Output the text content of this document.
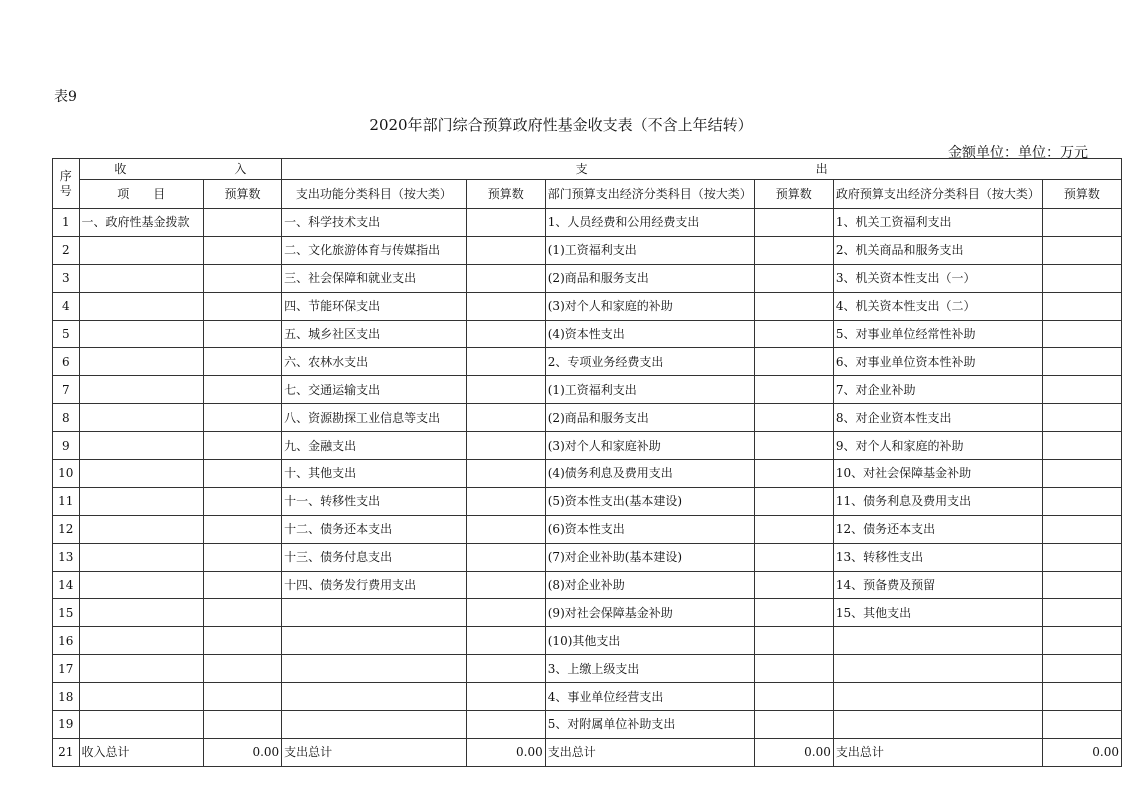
表9
2020年部门综合预算政府性基金收支表（不含上年结转）
金额单位：单位：万元
序号	收　　　　　　　　　入		支　　　　　　　　　　　　　　　　　　　出					
	项　　目	预算数	支出功能分类科目（按大类）	预算数	部门预算支出经济分类科目（按大类）	预算数	政府预算支出经济分类科目（按大类）	预算数
1	一、政府性基金拨款		一、科学技术支出		1、人员经费和公用经费支出		1、机关工资福利支出	
2			二、文化旅游体育与传媒指出		(1)工资福利支出		2、机关商品和服务支出	
3			三、社会保障和就业支出		(2)商品和服务支出		3、机关资本性支出（一）	
4			四、节能环保支出		(3)对个人和家庭的补助		4、机关资本性支出（二）	
5			五、城乡社区支出		(4)资本性支出		5、对事业单位经常性补助	
6			六、农林水支出		2、专项业务经费支出		6、对事业单位资本性补助	
7			七、交通运输支出		(1)工资福利支出		7、对企业补助	
8			八、资源勘探工业信息等支出		(2)商品和服务支出		8、对企业资本性支出	
9			九、金融支出		(3)对个人和家庭补助		9、对个人和家庭的补助	
10			十、其他支出		(4)债务利息及费用支出		10、对社会保障基金补助	
11			十一、转移性支出		(5)资本性支出(基本建设)		11、债务利息及费用支出	
12			十二、债务还本支出		(6)资本性支出		12、债务还本支出	
13			十三、债务付息支出		(7)对企业补助(基本建设)		13、转移性支出	
14			十四、债务发行费用支出		(8)对企业补助		14、预备费及预留	
15					(9)对社会保障基金补助		15、其他支出	
16					(10)其他支出			
17					3、上缴上级支出			
18					4、事业单位经营支出			
19					5、对附属单位补助支出			
21	收入总计	0.00	支出总计	0.00	支出总计	0.00	支出总计	0.00
